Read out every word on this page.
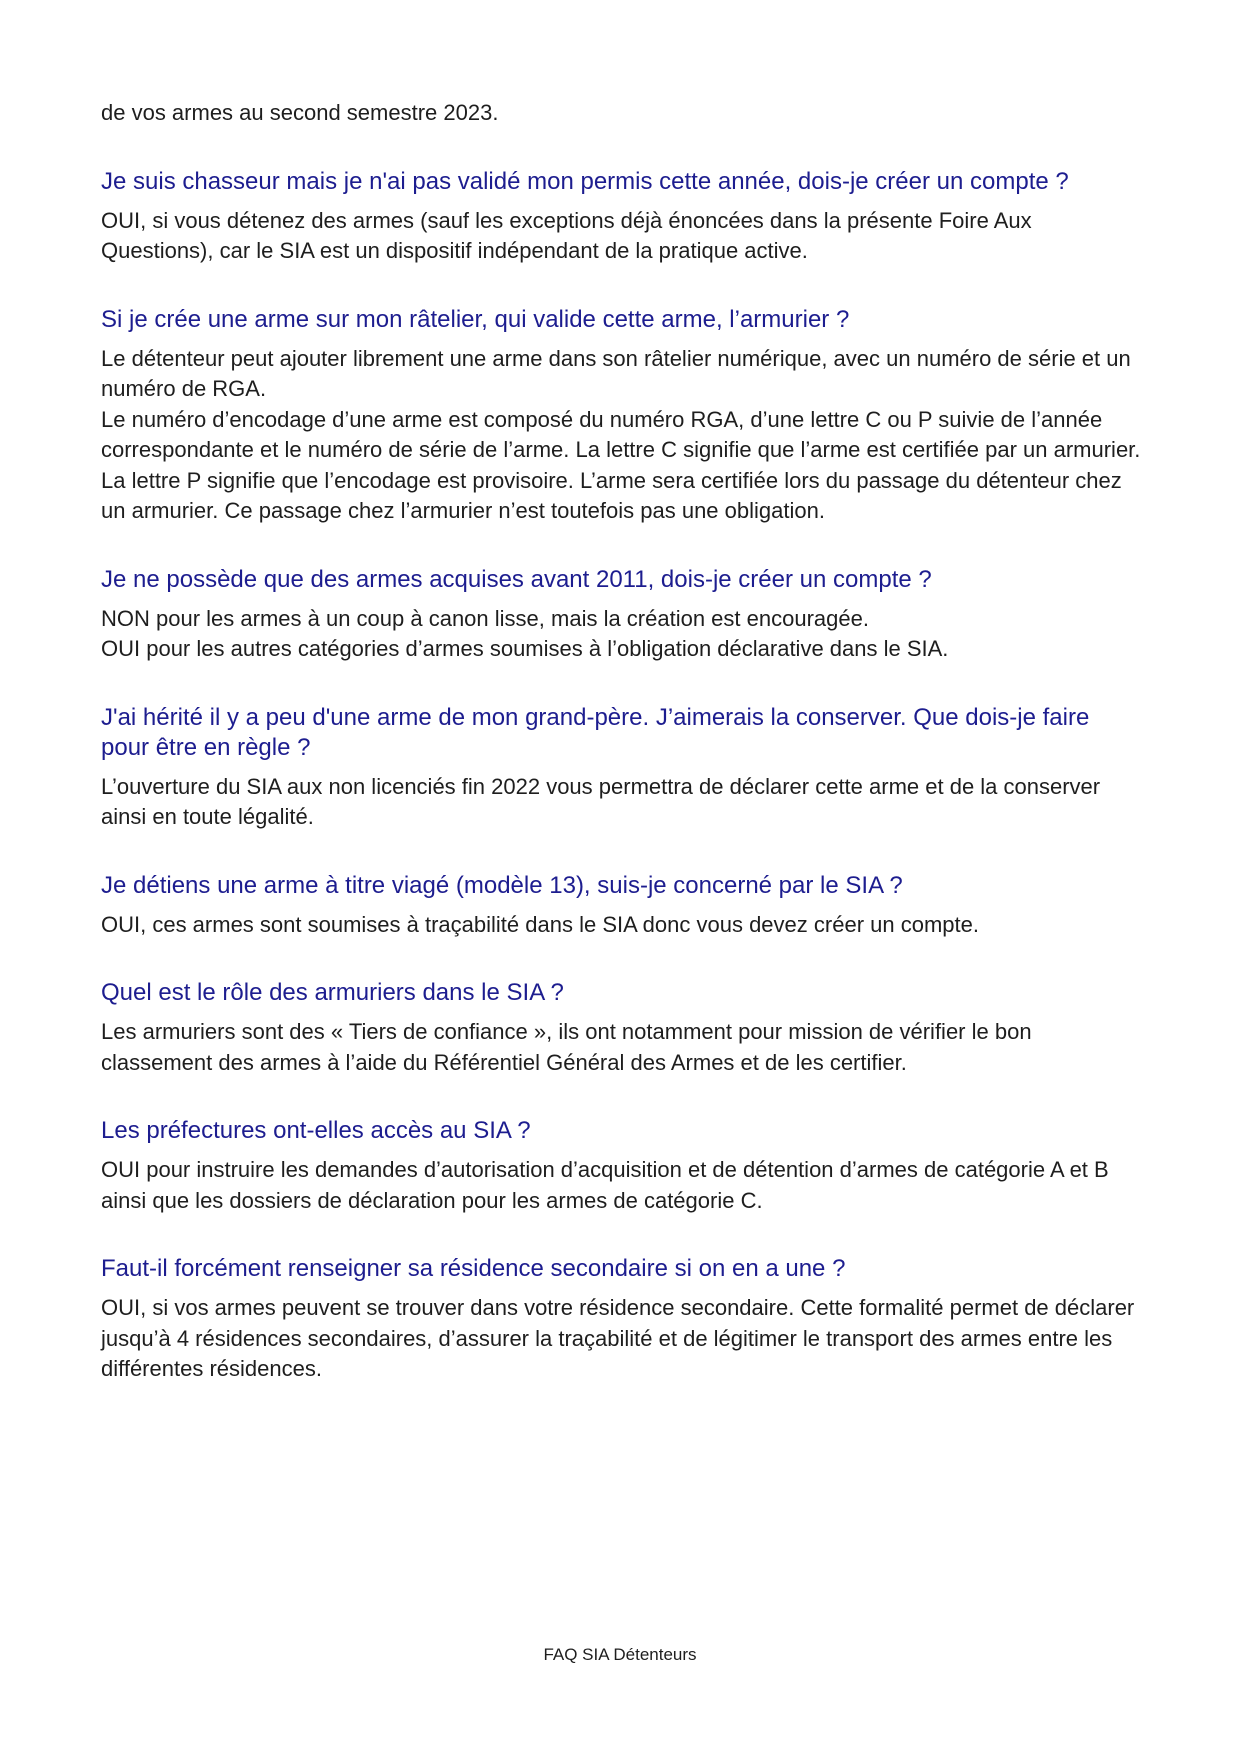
de vos armes au second semestre 2023.

Je suis chasseur mais je n'ai pas validé mon permis cette année, dois-je créer un compte ?

OUI, si vous détenez des armes (sauf les exceptions déjà énoncées dans la présente Foire Aux Questions), car le SIA est un dispositif indépendant de la pratique active.

Si je crée une arme sur mon râtelier, qui valide cette arme, l’armurier ?

Le détenteur peut ajouter librement une arme dans son râtelier numérique, avec un numéro de série et un numéro de RGA.

Le numéro d’encodage d’une arme est composé du numéro RGA, d’une lettre C ou P suivie de l’année correspondante et le numéro de série de l’arme. La lettre C signifie que l’arme est certifiée par un armurier. La lettre P signifie que l’encodage est provisoire. L’arme sera certifiée lors du passage du détenteur chez un armurier. Ce passage chez l’armurier n’est toutefois pas une obligation.

Je ne possède que des armes acquises avant 2011, dois-je créer un compte ?

NON pour les armes à un coup à canon lisse, mais la création est encouragée.

OUI pour les autres catégories d’armes soumises à l’obligation déclarative dans le SIA.

J'ai hérité il y a peu d'une arme de mon grand-père. J’aimerais la conserver. Que dois-je faire pour être en règle ?

L’ouverture du SIA aux non licenciés fin 2022 vous permettra de déclarer cette arme et de la conserver ainsi en toute légalité.

Je détiens une arme à titre viagé (modèle 13), suis-je concerné par le SIA ?

OUI, ces armes sont soumises à traçabilité dans le SIA donc vous devez créer un compte.

Quel est le rôle des armuriers dans le SIA ?

Les armuriers sont des « Tiers de confiance », ils ont notamment pour mission de vérifier le bon classement des armes à l’aide du Référentiel Général des Armes et de les certifier.

Les préfectures ont-elles accès au SIA ?

OUI pour instruire les demandes d’autorisation d’acquisition et de détention d’armes de catégorie A et B ainsi que les dossiers de déclaration pour les armes de catégorie C.

Faut-il forcément renseigner sa résidence secondaire si on en a une ?

OUI, si vos armes peuvent se trouver dans votre résidence secondaire. Cette formalité permet de déclarer jusqu’à 4 résidences secondaires, d’assurer la traçabilité et de légitimer le transport des armes entre les différentes résidences.

FAQ SIA Détenteurs
